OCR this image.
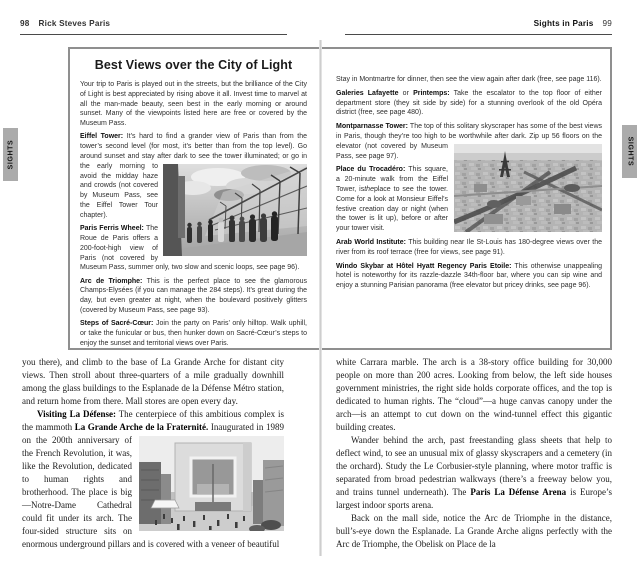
98 Rick Steves Paris	Sights in Paris 99
SIGHTS	SIGHTS
Best Views over the City of Light

Your trip to Paris is played out in the streets, but the brilliance of the City of Light is best appreciated by rising above it all. Invest time to marvel at all the man-made beauty, seen best in the early morning or around sunset. Many of the viewpoints listed here are free or covered by the Museum Pass.

Eiffel Tower: It’s hard to find a grander view of Paris than from the tower’s second level (for most, it’s better than from the top level). Go around sunset and stay after dark to see the tower illuminated; or go in the early morning to avoid the midday haze and crowds (not covered by Museum Pass, see the Eiffel Tower Tour chapter).

Paris Ferris Wheel: The Roue de Paris offers a 200-foot-high view of Paris (not covered by Museum Pass, summer only, two slow and scenic loops, see page 96).

Arc de Triomphe: This is the perfect place to see the glamorous Champs-Elysées (if you can manage the 284 steps). It’s great during the day, but even greater at night, when the boulevard positively glitters (covered by Museum Pass, see page 93).

Steps of Sacré-Cœur: Join the party on Paris’ only hilltop. Walk uphill, or take the funicular or bus, then hunker down on Sacré-Cœur’s steps to enjoy the sunset and territorial views over Paris.

Stay in Montmartre for dinner, then see the view again after dark (free, see page 116).

Galeries Lafayette or Printemps: Take the escalator to the top floor of either department store (they sit side by side) for a stunning overlook of the old Opéra district (free, see page 480).

Montparnasse Tower: The top of this solitary skyscraper has some of the best views in Paris, though they’re too high to be worthwhile after dark. Zip up 56 floors on the elevator (not covered by Museum Pass, see page 97).

Place du Trocadéro: This square, a 20-minute walk from the Eiffel Tower, istheplace to see the tower. Come for a look at Monsieur Eiffel’s festive creation day or night (when the tower is lit up), before or after your tower visit.

Arab World Institute: This building near Ile St-Louis has 180-degree views over the river from its roof terrace (free for views, see page 91).

Windo Skybar at Hôtel Hyatt Regency Paris Etoile: This otherwise unappealing hotel is noteworthy for its razzle-dazzle 34th-floor bar, where you can sip wine and enjoy a stunning Parisian panorama (free elevator but pricey drinks, see page 96).

you there), and climb to the base of La Grande Arche for distant city views. Then stroll about three-quarters of a mile gradually downhill among the glass buildings to the Esplanade de la Défense Métro station, and return home from there. Mall stores are open every day.

Visiting La Défense: The centerpiece of this ambitious complex is the mammoth La Grande Arche de la Fraternité. Inaugurated in 1989 on the 200th anniversary of the French Revolution, it was, like the Revolution, dedicated to human rights and brotherhood. The place is big—Notre-Dame Cathedral could fit under its arch. The four-sided structure sits on enormous underground pillars and is covered with a veneer of beautiful

white Carrara marble. The arch is a 38-story office building for 30,000 people on more than 200 acres. Looking from below, the left side houses government ministries, the right side holds corporate offices, and the top is dedicated to human rights. The “cloud”—a huge canvas canopy under the arch—is an attempt to cut down on the wind-tunnel effect this gigantic building creates.

Wander behind the arch, past freestanding glass sheets that help to deflect wind, to see an unusual mix of glassy skyscrapers and a cemetery (in the orchard). Study the Le Corbusier-style planning, where motor traffic is separated from broad pedestrian walkways (there’s a freeway below you, and trains tunnel underneath). The Paris La Défense Arena is Europe’s largest indoor sports arena.

Back on the mall side, notice the Arc de Triomphe in the distance, bull’s-eye down the Esplanade. La Grande Arche aligns perfectly with the Arc de Triomphe, the Obelisk on Place de la
